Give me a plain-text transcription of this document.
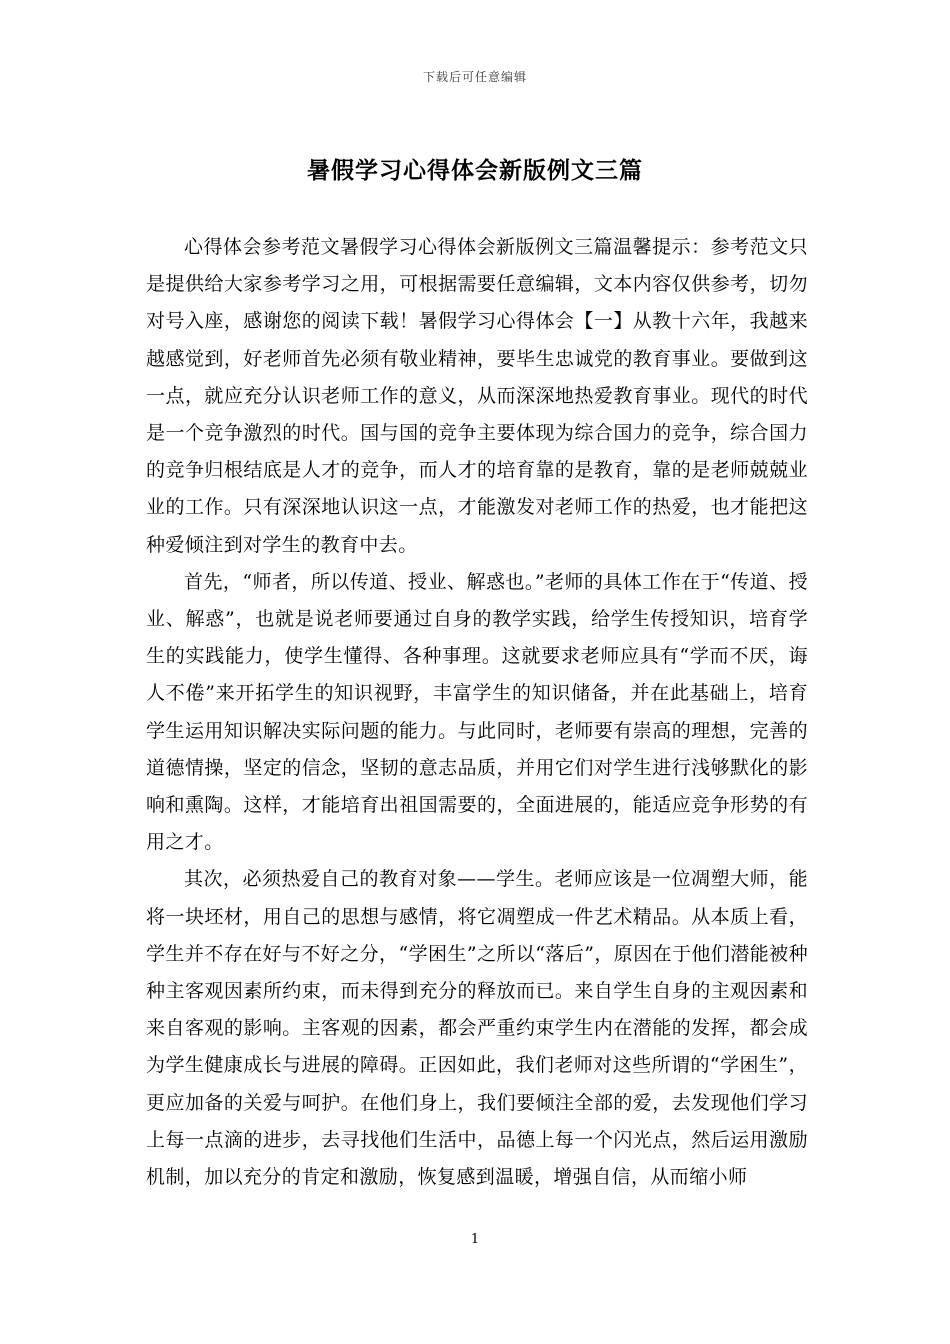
下载后可任意编辑
暑假学习心得体会新版例文三篇

心得体会参考范文暑假学习心得体会新版例文三篇温馨提示：参考范文只是提供给大家参考学习之用，可根据需要任意编辑，文本内容仅供参考，切勿对号入座，感谢您的阅读下载！暑假学习心得体会【一】从教十六年，我越来越感觉到，好老师首先必须有敬业精神，要毕生忠诚党的教育事业。要做到这一点，就应充分认识老师工作的意义，从而深深地热爱教育事业。现代的时代是一个竞争激烈的时代。国与国的竞争主要体现为综合国力的竞争，综合国力的竞争归根结底是人才的竞争，而人才的培育靠的是教育，靠的是老师兢兢业业的工作。只有深深地认识这一点，才能激发对老师工作的热爱，也才能把这种爱倾注到对学生的教育中去。

首先，“师者，所以传道、授业、解惑也。”老师的具体工作在于“传道、授业、解惑”，也就是说老师要通过自身的教学实践，给学生传授知识，培育学生的实践能力，使学生懂得、各种事理。这就要求老师应具有“学而不厌，诲人不倦”来开拓学生的知识视野，丰富学生的知识储备，并在此基础上，培育学生运用知识解决实际问题的能力。与此同时，老师要有崇高的理想，完善的道德情操，坚定的信念，坚韧的意志品质，并用它们对学生进行浅够默化的影响和熏陶。这样，才能培育出祖国需要的，全面进展的，能适应竞争形势的有用之才。

其次，必须热爱自己的教育对象——学生。老师应该是一位凋塑大师，能将一块坯材，用自己的思想与感情，将它凋塑成一件艺术精品。从本质上看，学生并不存在好与不好之分，“学困生”之所以“落后”，原因在于他们潜能被种种主客观因素所约束，而未得到充分的释放而已。来自学生自身的主观因素和来自客观的影响。主客观的因素，都会严重约束学生内在潜能的发挥，都会成为学生健康成长与进展的障碍。正因如此，我们老师对这些所谓的“学困生”，更应加备的关爱与呵护。在他们身上，我们要倾注全部的爱，去发现他们学习上每一点滴的进步，去寻找他们生活中，品德上每一个闪光点，然后运用激励机制，加以充分的肯定和激励，恢复感到温暖，增强自信，从而缩小师

1
